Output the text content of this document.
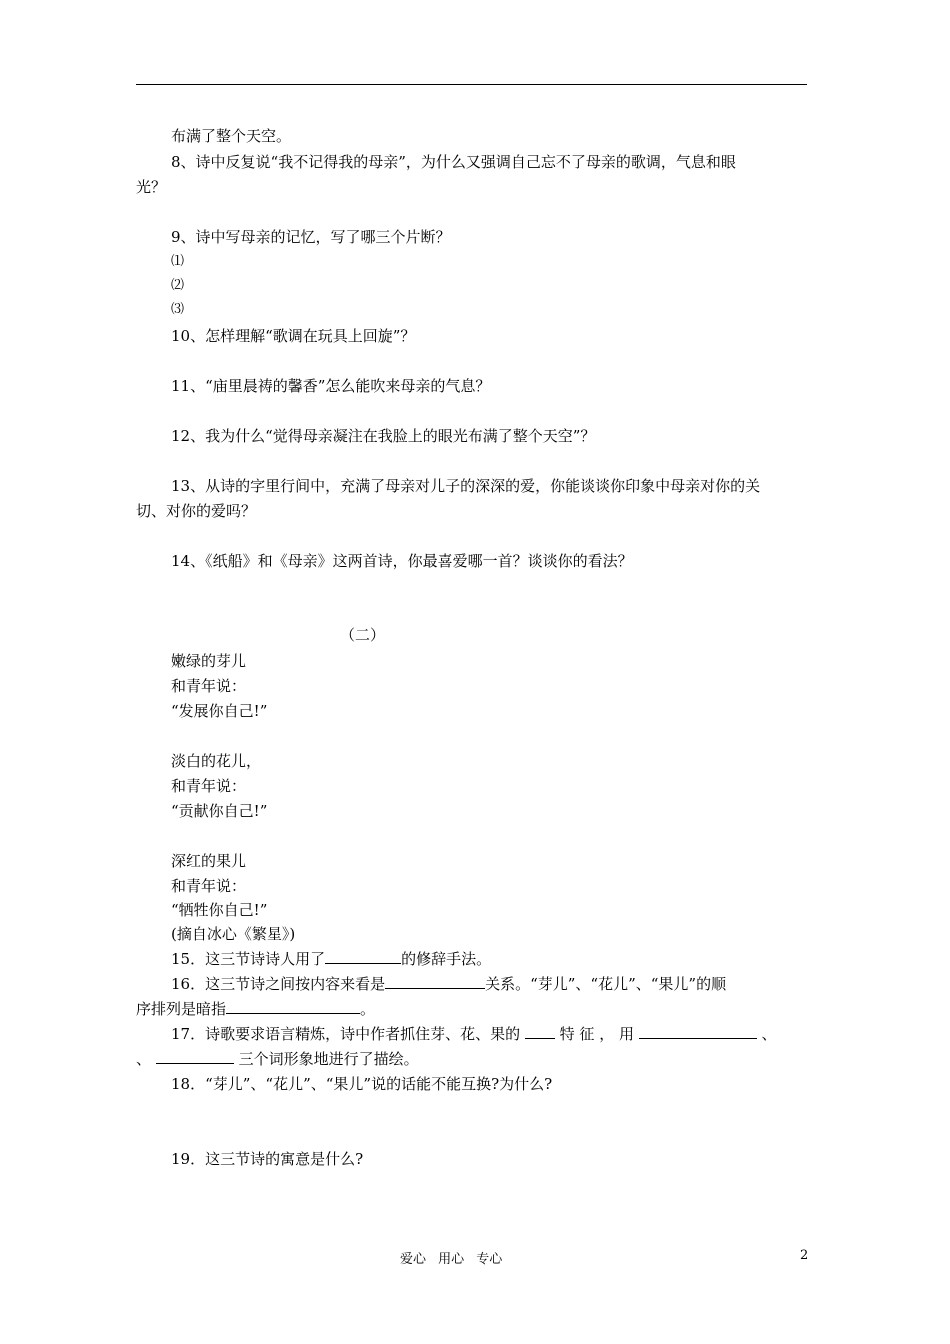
布满了整个天空。
8、诗中反复说“我不记得我的母亲”，为什么又强调自己忘不了母亲的歌调，气息和眼
光？
9、诗中写母亲的记忆，写了哪三个片断？
⑴
⑵
⑶
10、怎样理解“歌调在玩具上回旋”？
11、“庙里晨祷的馨香”怎么能吹来母亲的气息？
12、我为什么“觉得母亲凝注在我脸上的眼光布满了整个天空”？
13、从诗的字里行间中，充满了母亲对儿子的深深的爱，你能谈谈你印象中母亲对你的关
切、对你的爱吗？
14、《纸船》和《母亲》这两首诗，你最喜爱哪一首？谈谈你的看法？
（二）
嫩绿的芽儿
和青年说：
“发展你自己!”
淡白的花儿，
和青年说：
“贡献你自己!”
深红的果儿
和青年说：
“牺牲你自己!”
(摘自冰心《繁星》)
15．这三节诗诗人用了	的修辞手法。
16．这三节诗之间按内容来看是	关系。“芽儿”、“花儿”、“果儿”的顺
序排列是暗指	。
17．诗歌要求语言精炼，诗中作者抓住芽、花、果的	特 征 ， 用	、
、	三个词形象地进行了描绘。
18．“芽儿”、“花儿”、“果儿”说的话能不能互换?为什么?
19．这三节诗的寓意是什么?
爱心 用心 专心	2
